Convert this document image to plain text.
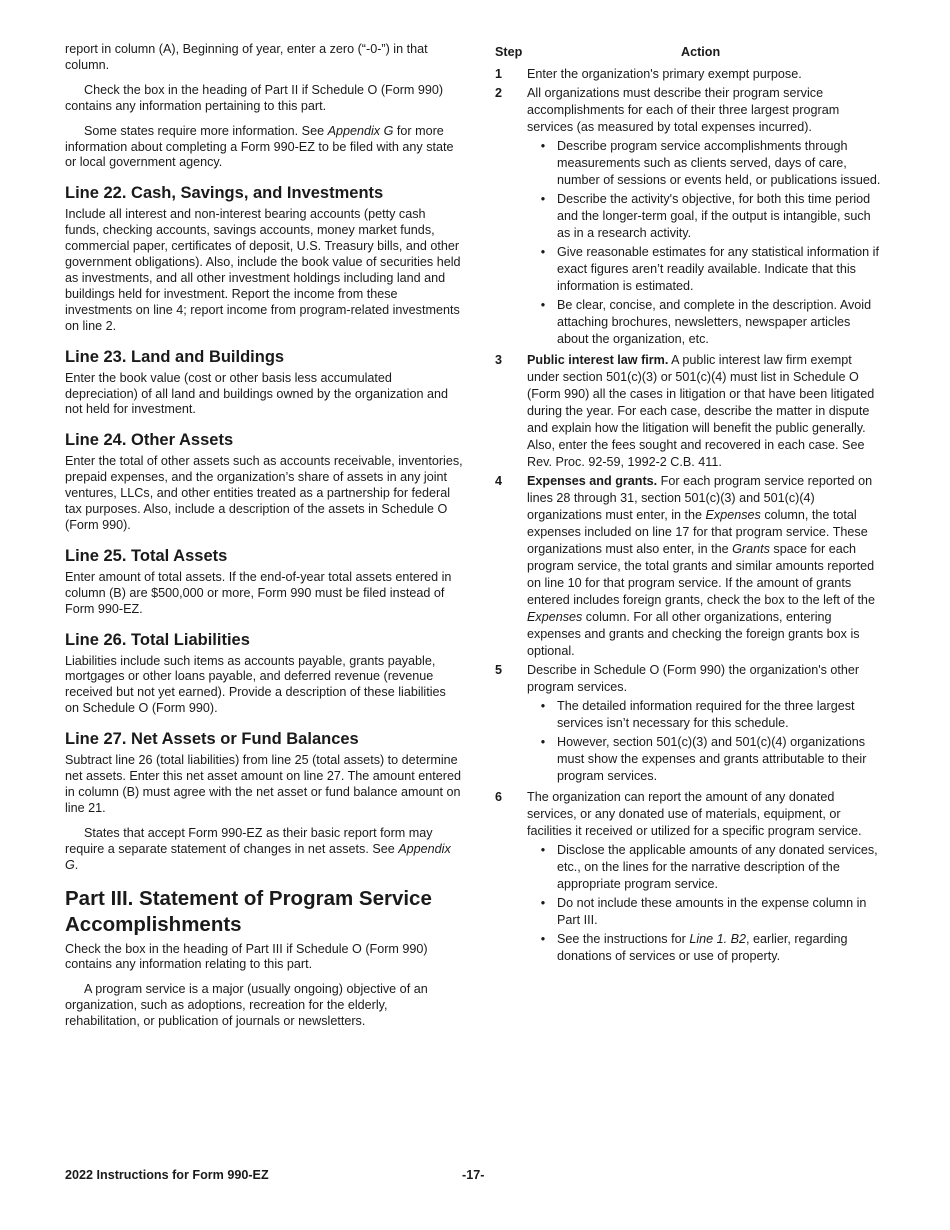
report in column (A), Beginning of year, enter a zero (“-0-”) in that column.

Check the box in the heading of Part II if Schedule O (Form 990) contains any information pertaining to this part.

Some states require more information. See Appendix G for more information about completing a Form 990-EZ to be filed with any state or local government agency.

Line 22. Cash, Savings, and Investments

Include all interest and non-interest bearing accounts (petty cash funds, checking accounts, savings accounts, money market funds, commercial paper, certificates of deposit, U.S. Treasury bills, and other government obligations). Also, include the book value of securities held as investments, and all other investment holdings including land and buildings held for investment. Report the income from these investments on line 4; report income from program-related investments on line 2.

Line 23. Land and Buildings

Enter the book value (cost or other basis less accumulated depreciation) of all land and buildings owned by the organization and not held for investment.

Line 24. Other Assets

Enter the total of other assets such as accounts receivable, inventories, prepaid expenses, and the organization’s share of assets in any joint ventures, LLCs, and other entities treated as a partnership for federal tax purposes. Also, include a description of the assets in Schedule O (Form 990).

Line 25. Total Assets

Enter amount of total assets. If the end-of-year total assets entered in column (B) are $500,000 or more, Form 990 must be filed instead of Form 990-EZ.

Line 26. Total Liabilities

Liabilities include such items as accounts payable, grants payable, mortgages or other loans payable, and deferred revenue (revenue received but not yet earned). Provide a description of these liabilities on Schedule O (Form 990).

Line 27. Net Assets or Fund Balances

Subtract line 26 (total liabilities) from line 25 (total assets) to determine net assets. Enter this net asset amount on line 27. The amount entered in column (B) must agree with the net asset or fund balance amount on line 21.

States that accept Form 990-EZ as their basic report form may require a separate statement of changes in net assets. See Appendix G.

Part III. Statement of Program Service Accomplishments

Check the box in the heading of Part III if Schedule O (Form 990) contains any information relating to this part.

A program service is a major (usually ongoing) objective of an organization, such as adoptions, recreation for the elderly, rehabilitation, or publication of journals or newsletters.

Step	Action
1	Enter the organization's primary exempt purpose.
2	All organizations must describe their program service accomplishments for each of their three largest program services (as measured by total expenses incurred).
• Describe program service accomplishments through measurements such as clients served, days of care, number of sessions or events held, or publications issued.
• Describe the activity's objective, for both this time period and the longer-term goal, if the output is intangible, such as in a research activity.
• Give reasonable estimates for any statistical information if exact figures aren’t readily available. Indicate that this information is estimated.
• Be clear, concise, and complete in the description. Avoid attaching brochures, newsletters, newspaper articles about the organization, etc.
3	Public interest law firm. A public interest law firm exempt under section 501(c)(3) or 501(c)(4) must list in Schedule O (Form 990) all the cases in litigation or that have been litigated during the year. For each case, describe the matter in dispute and explain how the litigation will benefit the public generally. Also, enter the fees sought and recovered in each case. See Rev. Proc. 92-59, 1992-2 C.B. 411.
4	Expenses and grants. For each program service reported on lines 28 through 31, section 501(c)(3) and 501(c)(4) organizations must enter, in the Expenses column, the total expenses included on line 17 for that program service. These organizations must also enter, in the Grants space for each program service, the total grants and similar amounts reported on line 10 for that program service. If the amount of grants entered includes foreign grants, check the box to the left of the Expenses column. For all other organizations, entering expenses and grants and checking the foreign grants box is optional.
5	Describe in Schedule O (Form 990) the organization's other program services.
• The detailed information required for the three largest services isn’t necessary for this schedule.
• However, section 501(c)(3) and 501(c)(4) organizations must show the expenses and grants attributable to their program services.
6	The organization can report the amount of any donated services, or any donated use of materials, equipment, or facilities it received or utilized for a specific program service.
• Disclose the applicable amounts of any donated services, etc., on the lines for the narrative description of the appropriate program service.
• Do not include these amounts in the expense column in Part III.
• See the instructions for Line 1. B2, earlier, regarding donations of services or use of property.
2022 Instructions for Form 990-EZ	-17-
